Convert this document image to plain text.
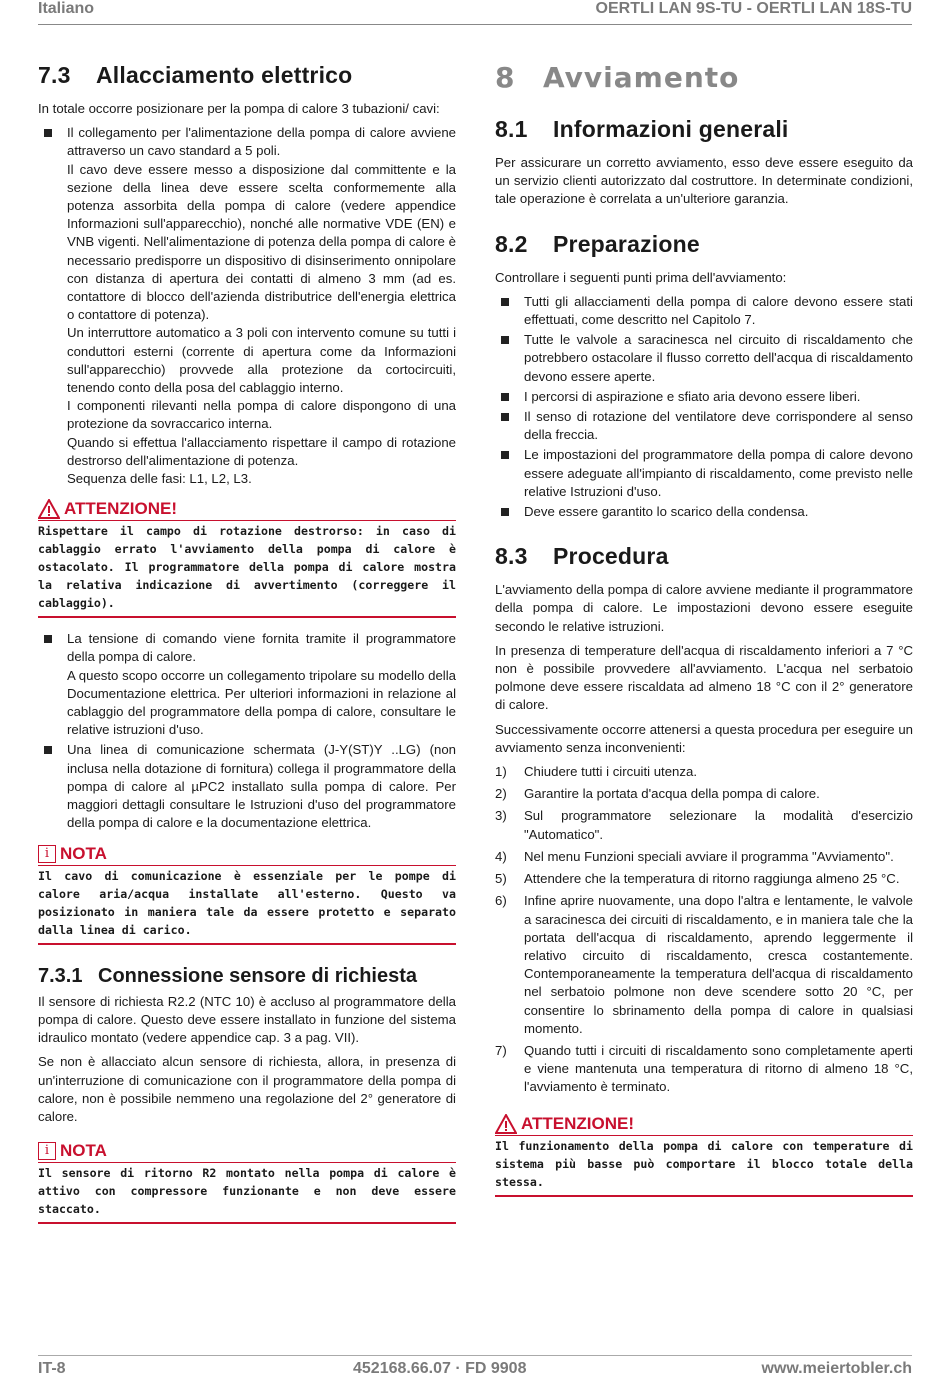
Italiano	OERTLI LAN 9S-TU - OERTLI LAN 18S-TU
7.3 Allacciamento elettrico

In totale occorre posizionare per la pompa di calore 3 tubazioni/ cavi:

Il collegamento per l'alimentazione della pompa di calore avviene attraverso un cavo standard a 5 poli.
Il cavo deve essere messo a disposizione dal committente e la sezione della linea deve essere scelta conformemente alla potenza assorbita della pompa di calore (vedere appendice Informazioni sull'apparecchio), nonché alle normative VDE (EN) e VNB vigenti. Nell'alimentazione di potenza della pompa di calore è necessario predisporre un dispositivo di disinserimento onnipolare con distanza di apertura dei contatti di almeno 3 mm (ad es. contattore di blocco dell'azienda distributrice dell'energia elettrica o contattore di potenza).
Un interruttore automatico a 3 poli con intervento comune su tutti i conduttori esterni (corrente di apertura come da Informazioni sull'apparecchio) provvede alla protezione da cortocircuiti, tenendo conto della posa del cablaggio interno.
I componenti rilevanti nella pompa di calore dispongono di una protezione da sovraccarico interna.
Quando si effettua l'allacciamento rispettare il campo di rotazione destrorso dell'alimentazione di potenza.
Sequenza delle fasi: L1, L2, L3.
ATTENZIONE!
Rispettare il campo di rotazione destrorso: in caso di cablaggio errato l'avviamento della pompa di calore è ostacolato. Il programmatore della pompa di calore mostra la relativa indicazione di avvertimento (correggere il cablaggio).
La tensione di comando viene fornita tramite il programmatore della pompa di calore.
A questo scopo occorre un collegamento tripolare su modello della Documentazione elettrica. Per ulteriori informazioni in relazione al cablaggio del programmatore della pompa di calore, consultare le relative istruzioni d'uso.
Una linea di comunicazione schermata (J-Y(ST)Y ..LG) (non inclusa nella dotazione di fornitura) collega il programmatore della pompa di calore al µPC2 installato sulla pompa di calore. Per maggiori dettagli consultare le Istruzioni d'uso del programmatore della pompa di calore e la documentazione elettrica.
i NOTA
Il cavo di comunicazione è essenziale per le pompe di calore aria/acqua installate all'esterno. Questo va posizionato in maniera tale da essere protetto e separato dalla linea di carico.
7.3.1 Connessione sensore di richiesta

Il sensore di richiesta R2.2 (NTC 10) è accluso al programmatore della pompa di calore. Questo deve essere installato in funzione del sistema idraulico montato (vedere appendice cap. 3 a pag. VII).

Se non è allacciato alcun sensore di richiesta, allora, in presenza di un'interruzione di comunicazione con il programmatore della pompa di calore, non è possibile nemmeno una regolazione del 2° generatore di calore.

i NOTA
Il sensore di ritorno R2 montato nella pompa di calore è attivo con compressore funzionante e non deve essere staccato.
8 Avviamento
8.1 Informazioni generali

Per assicurare un corretto avviamento, esso deve essere eseguito da un servizio clienti autorizzato dal costruttore. In determinate condizioni, tale operazione è correlata a un'ulteriore garanzia.

8.2 Preparazione

Controllare i seguenti punti prima dell'avviamento:

Tutti gli allacciamenti della pompa di calore devono essere stati effettuati, come descritto nel Capitolo 7.
Tutte le valvole a saracinesca nel circuito di riscaldamento che potrebbero ostacolare il flusso corretto dell'acqua di riscaldamento devono essere aperte.
I percorsi di aspirazione e sfiato aria devono essere liberi.
Il senso di rotazione del ventilatore deve corrispondere al senso della freccia.
Le impostazioni del programmatore della pompa di calore devono essere adeguate all'impianto di riscaldamento, come previsto nelle relative Istruzioni d'uso.
Deve essere garantito lo scarico della condensa.
8.3 Procedura

L'avviamento della pompa di calore avviene mediante il programmatore della pompa di calore. Le impostazioni devono essere eseguite secondo le relative istruzioni.

In presenza di temperature dell'acqua di riscaldamento inferiori a 7 °C non è possibile provvedere all'avviamento. L'acqua nel serbatoio polmone deve essere riscaldata ad almeno 18 °C con il 2° generatore di calore.

Successivamente occorre attenersi a questa procedura per eseguire un avviamento senza inconvenienti:

1) Chiudere tutti i circuiti utenza.
2) Garantire la portata d'acqua della pompa di calore.
3) Sul programmatore selezionare la modalità d'esercizio "Automatico".
4) Nel menu Funzioni speciali avviare il programma "Avviamento".
5) Attendere che la temperatura di ritorno raggiunga almeno 25 °C.
6) Infine aprire nuovamente, una dopo l'altra e lentamente, le valvole a saracinesca dei circuiti di riscaldamento, e in maniera tale che la portata dell'acqua di riscaldamento, aprendo leggermente il relativo circuito di riscaldamento, cresca costantemente. Contemporaneamente la temperatura dell'acqua di riscaldamento nel serbatoio polmone non deve scendere sotto 20 °C, per consentire lo sbrinamento della pompa di calore in qualsiasi momento.
7) Quando tutti i circuiti di riscaldamento sono completamente aperti e viene mantenuta una temperatura di ritorno di almeno 18 °C, l'avviamento è terminato.
ATTENZIONE!
Il funzionamento della pompa di calore con temperature di sistema più basse può comportare il blocco totale della stessa.
IT-8	452168.66.07 · FD 9908	www.meiertobler.ch
